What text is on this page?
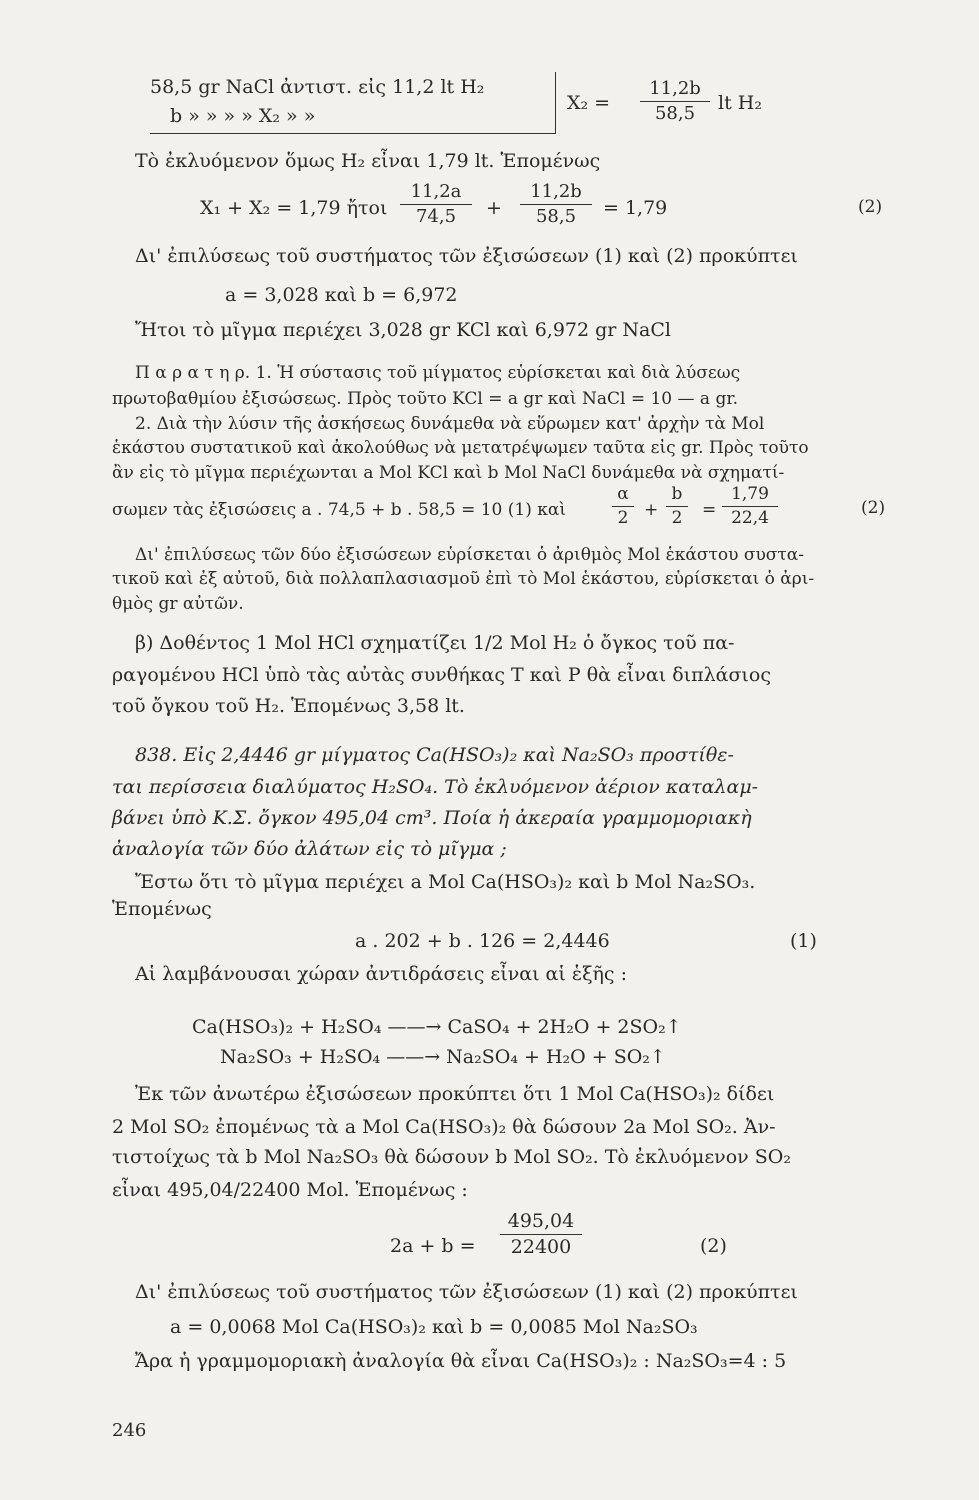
58,5 gr NaCl ἀντιστ. εἰς 11,2 lt H₂
b » » » » X₂ » »
X₂ =
11,2b
58,5	lt H₂
Τὸ ἐκλυόμενον ὅμως H₂ εἶναι 1,79 lt. Ἑπομένως
X₁ + X₂ = 1,79 ἤτοι
11,2a
74,5	+
11,2b
58,5	= 1,79	(2)
Δι' ἐπιλύσεως τοῦ συστήματος τῶν ἐξισώσεων (1) καὶ (2) προκύπτει
a = 3,028 καὶ b = 6,972
Ἤτοι τὸ μῖγμα περιέχει 3,028 gr KCl καὶ 6,972 gr NaCl
Π α ρ α τ η ρ. 1. Ἡ σύστασις τοῦ μίγματος εὑρίσκεται καὶ διὰ λύσεως
πρωτοβαθμίου ἐξισώσεως. Πρὸς τοῦτο KCl = a gr καὶ NaCl = 10 — a gr.
2. Διὰ τὴν λύσιν τῆς ἀσκήσεως δυνάμεθα νὰ εὕρωμεν κατ' ἀρχὴν τὰ Mol
ἑκάστου συστατικοῦ καὶ ἀκολούθως νὰ μετατρέψωμεν ταῦτα εἰς gr. Πρὸς τοῦτο
ἂν εἰς τὸ μῖγμα περιέχωνται a Mol KCl καὶ b Mol NaCl δυνάμεθα νὰ σχηματί-
σωμεν τὰς ἐξισώσεις a . 74,5 + b . 58,5 = 10 (1) καὶ
α
2 +
b
2	=
1,79
22,4	(2)
Δι' ἐπιλύσεως τῶν δύο ἐξισώσεων εὑρίσκεται ὁ ἀριθμὸς Mol ἑκάστου συστα-
τικοῦ καὶ ἐξ αὐτοῦ, διὰ πολλαπλασιασμοῦ ἐπὶ τὸ Mol ἑκάστου, εὑρίσκεται ὁ ἀρι-
θμὸς gr αὐτῶν.
β) Δοθέντος 1 Mol HCl σχηματίζει 1/2 Mol H₂ ὁ ὄγκος τοῦ πα-
ραγομένου HCl ὑπὸ τὰς αὐτὰς συνθήκας T καὶ P θὰ εἶναι διπλάσιος
τοῦ ὄγκου τοῦ H₂. Ἑπομένως 3,58 lt.
838. Εἰς 2,4446 gr μίγματος Ca(HSO₃)₂ καὶ Na₂SO₃ προστίθε-
ται περίσσεια διαλύματος H₂SO₄. Τὸ ἐκλυόμενον ἀέριον καταλαμ-
βάνει ὑπὸ Κ.Σ. ὄγκον 495,04 cm³. Ποία ἡ ἀκεραία γραμμομοριακὴ
ἀναλογία τῶν δύο ἀλάτων εἰς τὸ μῖγμα ;
Ἔστω ὅτι τὸ μῖγμα περιέχει a Mol Ca(HSO₃)₂ καὶ b Mol Na₂SO₃.
Ἑπομένως
a . 202 + b . 126 = 2,4446	(1)
Αἱ λαμβάνουσαι χώραν ἀντιδράσεις εἶναι αἱ ἑξῆς :
Ca(HSO₃)₂ + H₂SO₄ ——→ CaSO₄ + 2H₂O + 2SO₂↑
Na₂SO₃ + H₂SO₄ ——→ Na₂SO₄ + H₂O + SO₂↑
Ἐκ τῶν ἀνωτέρω ἐξισώσεων προκύπτει ὅτι 1 Mol Ca(HSO₃)₂ δίδει
2 Mol SO₂ ἐπομένως τὰ a Mol Ca(HSO₃)₂ θὰ δώσουν 2a Mol SO₂. Ἀν-
τιστοίχως τὰ b Mol Na₂SO₃ θὰ δώσουν b Mol SO₂. Τὸ ἐκλυόμενον SO₂
εἶναι 495,04/22400 Mol. Ἑπομένως :
2a + b =
495,04
22400	(2)
Δι' ἐπιλύσεως τοῦ συστήματος τῶν ἐξισώσεων (1) καὶ (2) προκύπτει
a = 0,0068 Mol Ca(HSO₃)₂ καὶ b = 0,0085 Mol Na₂SO₃
Ἄρα ἡ γραμμομοριακὴ ἀναλογία θὰ εἶναι Ca(HSO₃)₂ : Na₂SO₃=4 : 5
246
